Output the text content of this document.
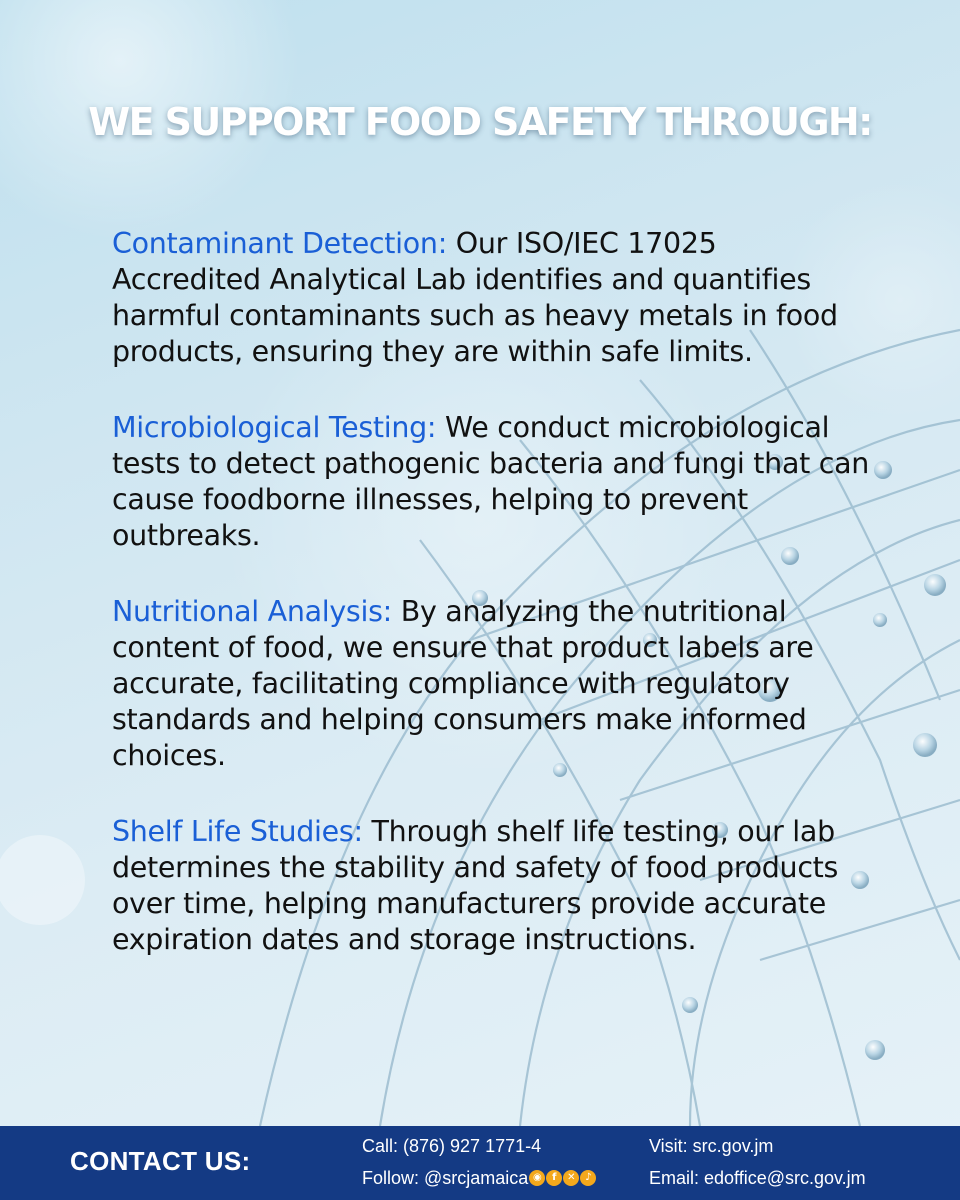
WE SUPPORT FOOD SAFETY THROUGH:

Contaminant Detection: Our ISO/IEC 17025 Accredited Analytical Lab identifies and quantifies harmful contaminants such as heavy metals in food products, ensuring they are within safe limits.

Microbiological Testing: We conduct microbiological tests to detect pathogenic bacteria and fungi that can cause foodborne illnesses, helping to prevent outbreaks.

Nutritional Analysis: By analyzing the nutritional content of food, we ensure that product labels are accurate, facilitating compliance with regulatory standards and helping consumers make informed choices.

Shelf Life Studies: Through shelf life testing, our lab determines the stability and safety of food products over time, helping manufacturers provide accurate expiration dates and storage instructions.

CONTACT US:	Call: (876) 927 1771-4
Follow: @srcjamaica ◉ f ✕ ♪
Visit: src.gov.jm
Email: edoffice@src.gov.jm
